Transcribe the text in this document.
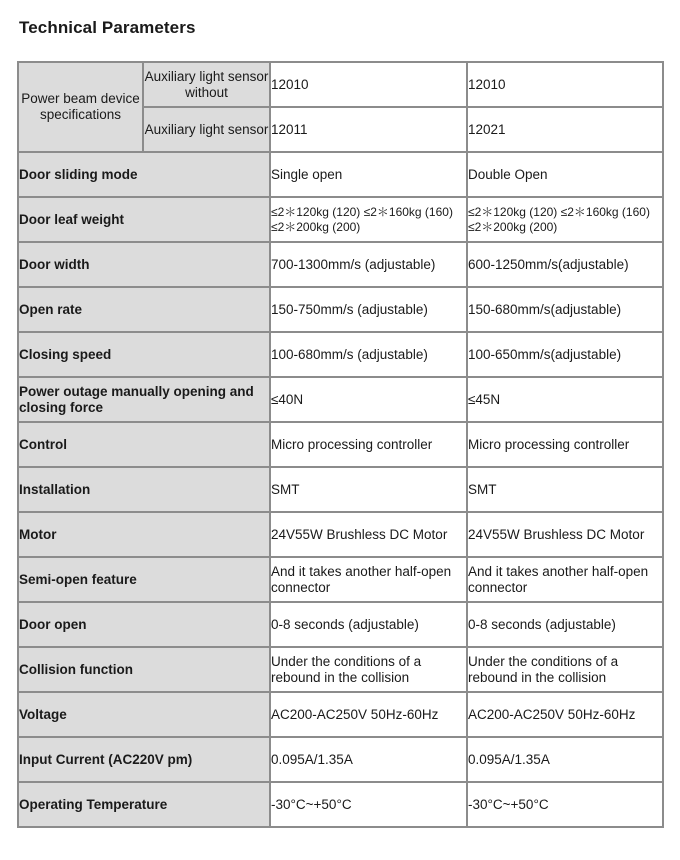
Technical Parameters
Power beam device specifications	Auxiliary light sensor without	12010	12010
	Auxiliary light sensor	12011	12021
Door sliding mode		Single open	Double Open
Door leaf weight		≤2＊120kg (120) ≤2＊160kg (160) ≤2＊200kg (200)	≤2＊120kg (120) ≤2＊160kg (160) ≤2＊200kg (200)
Door width		700-1300mm/s (adjustable)	600-1250mm/s(adjustable)
Open rate		150-750mm/s (adjustable)	150-680mm/s(adjustable)
Closing speed		100-680mm/s (adjustable)	100-650mm/s(adjustable)
Power outage manually opening and closing force		≤40N	≤45N
Control		Micro processing controller	Micro processing controller
Installation		SMT	SMT
Motor		24V55W Brushless DC Motor	24V55W Brushless DC Motor
Semi-open feature		And it takes another half-open connector	And it takes another half-open connector
Door open		0-8 seconds (adjustable)	0-8 seconds (adjustable)
Collision function		Under the conditions of a rebound in the collision	Under the conditions of a rebound in the collision
Voltage		AC200-AC250V 50Hz-60Hz	AC200-AC250V 50Hz-60Hz
Input Current (AC220V pm)		0.095A/1.35A	0.095A/1.35A
Operating Temperature		-30°C~+50°C	-30°C~+50°C
